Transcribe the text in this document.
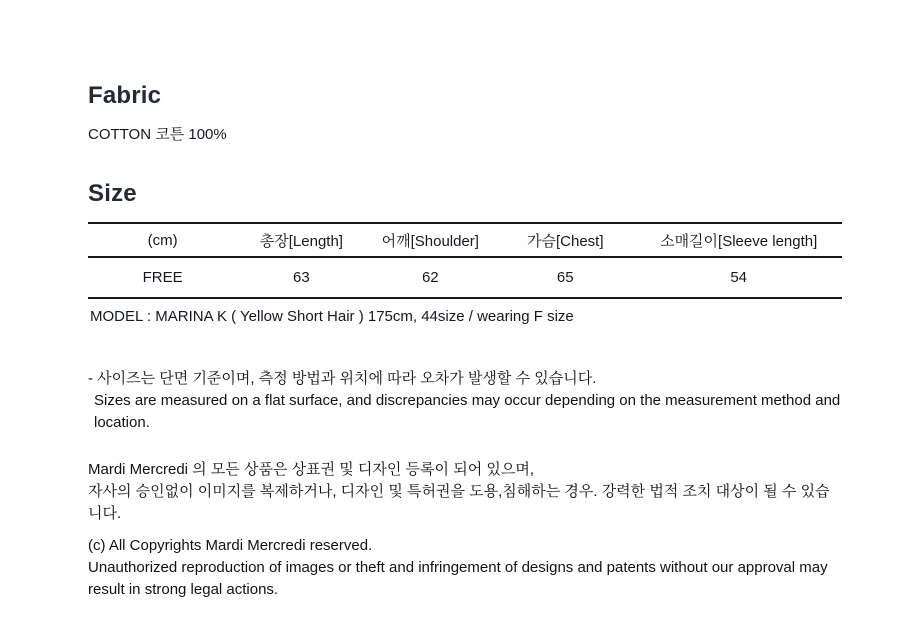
Fabric

COTTON 코튼 100%

Size
(cm)	총장[Length]	어깨[Shoulder]	가슴[Chest]	소매길이[Sleeve length]
FREE	63	62	65	54

MODEL : MARINA K ( Yellow Short Hair ) 175cm, 44size / wearing F size

- 사이즈는 단면 기준이며, 측정 방법과 위치에 따라 오차가 발생할 수 있습니다.
Sizes are measured on a flat surface, and discrepancies may occur depending on the measurement method and location.
Mardi Mercredi 의 모든 상품은 상표권 및 디자인 등록이 되어 있으며,
자사의 승인없이 이미지를 복제하거나, 디자인 및 특허권을 도용,침해하는 경우. 강력한 법적 조치 대상이 될 수 있습니다.
(c) All Copyrights Mardi Mercredi reserved.
Unauthorized reproduction of images or theft and infringement of designs and patents without our approval may result in strong legal actions.
